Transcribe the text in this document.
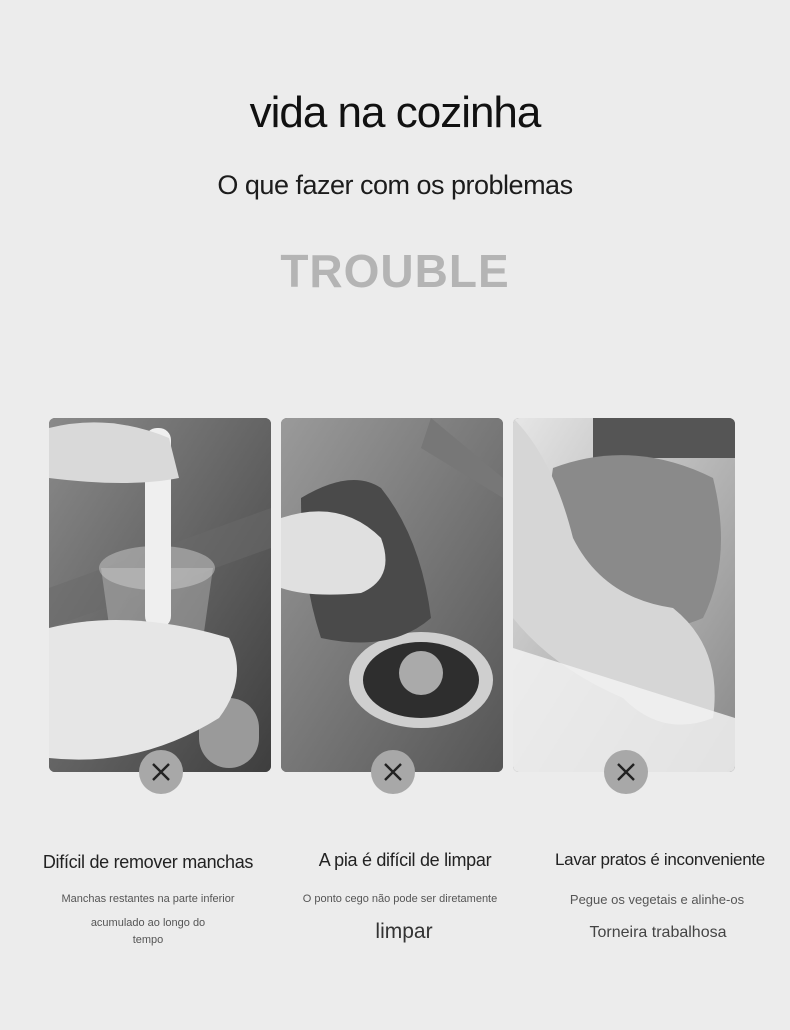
vida na cozinha
O que fazer com os problemas
TROUBLE
Difícil de remover manchas
Manchas restantes na parte inferior
acumulado ao longo do
tempo
A pia é difícil de limpar
O ponto cego não pode ser diretamente
limpar
Lavar pratos é inconveniente
Pegue os vegetais e alinhe-os
Torneira trabalhosa
